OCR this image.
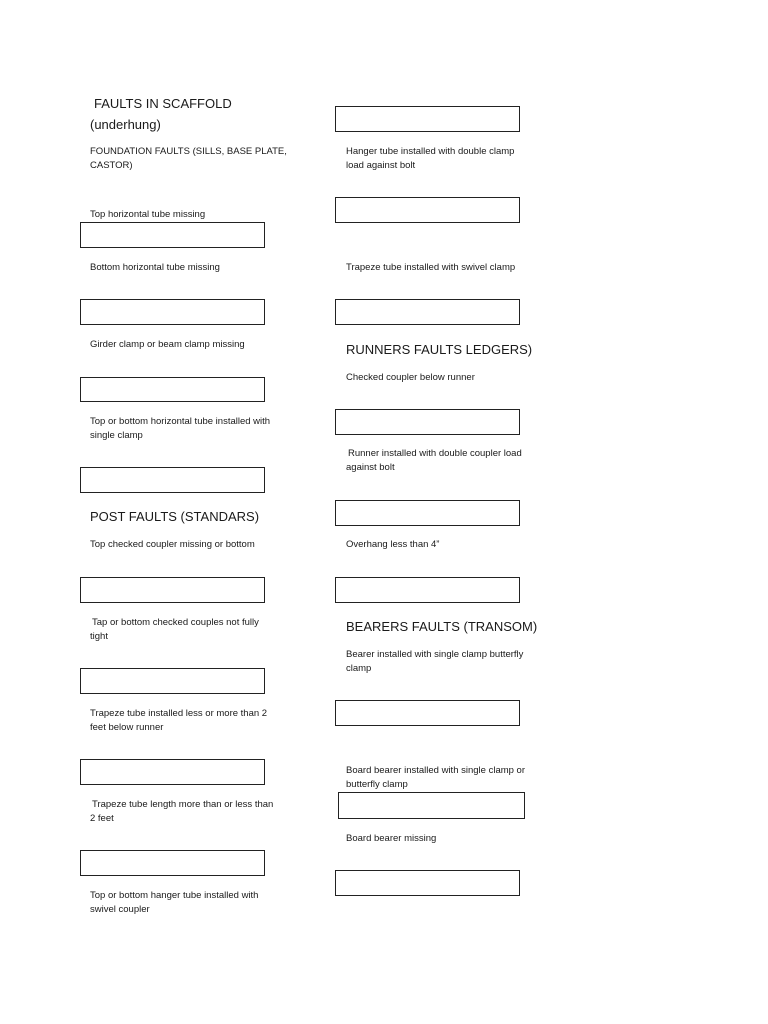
FAULTS IN SCAFFOLD
(underhung)
FOUNDATION FAULTS (SILLS, BASE PLATE,
CASTOR)
Top horizontal tube missing
Bottom horizontal tube missing
Girder clamp or beam clamp missing
Top or bottom horizontal tube installed with
single clamp
POST FAULTS (STANDARS)
Top checked coupler missing or bottom
Tap or bottom checked couples not fully
tight
Trapeze tube installed less or more than 2
feet below runner
Trapeze tube length more than or less than
2 feet
Top or bottom hanger tube installed with
swivel coupler
Hanger tube installed with double clamp
load against bolt
Trapeze tube installed with swivel clamp
RUNNERS FAULTS LEDGERS)
Checked coupler below runner
Runner installed with double coupler load
against bolt
Overhang less than 4”
BEARERS FAULTS (TRANSOM)
Bearer installed with single clamp butterfly
clamp
Board bearer installed with single clamp or
butterfly clamp
Board bearer missing
